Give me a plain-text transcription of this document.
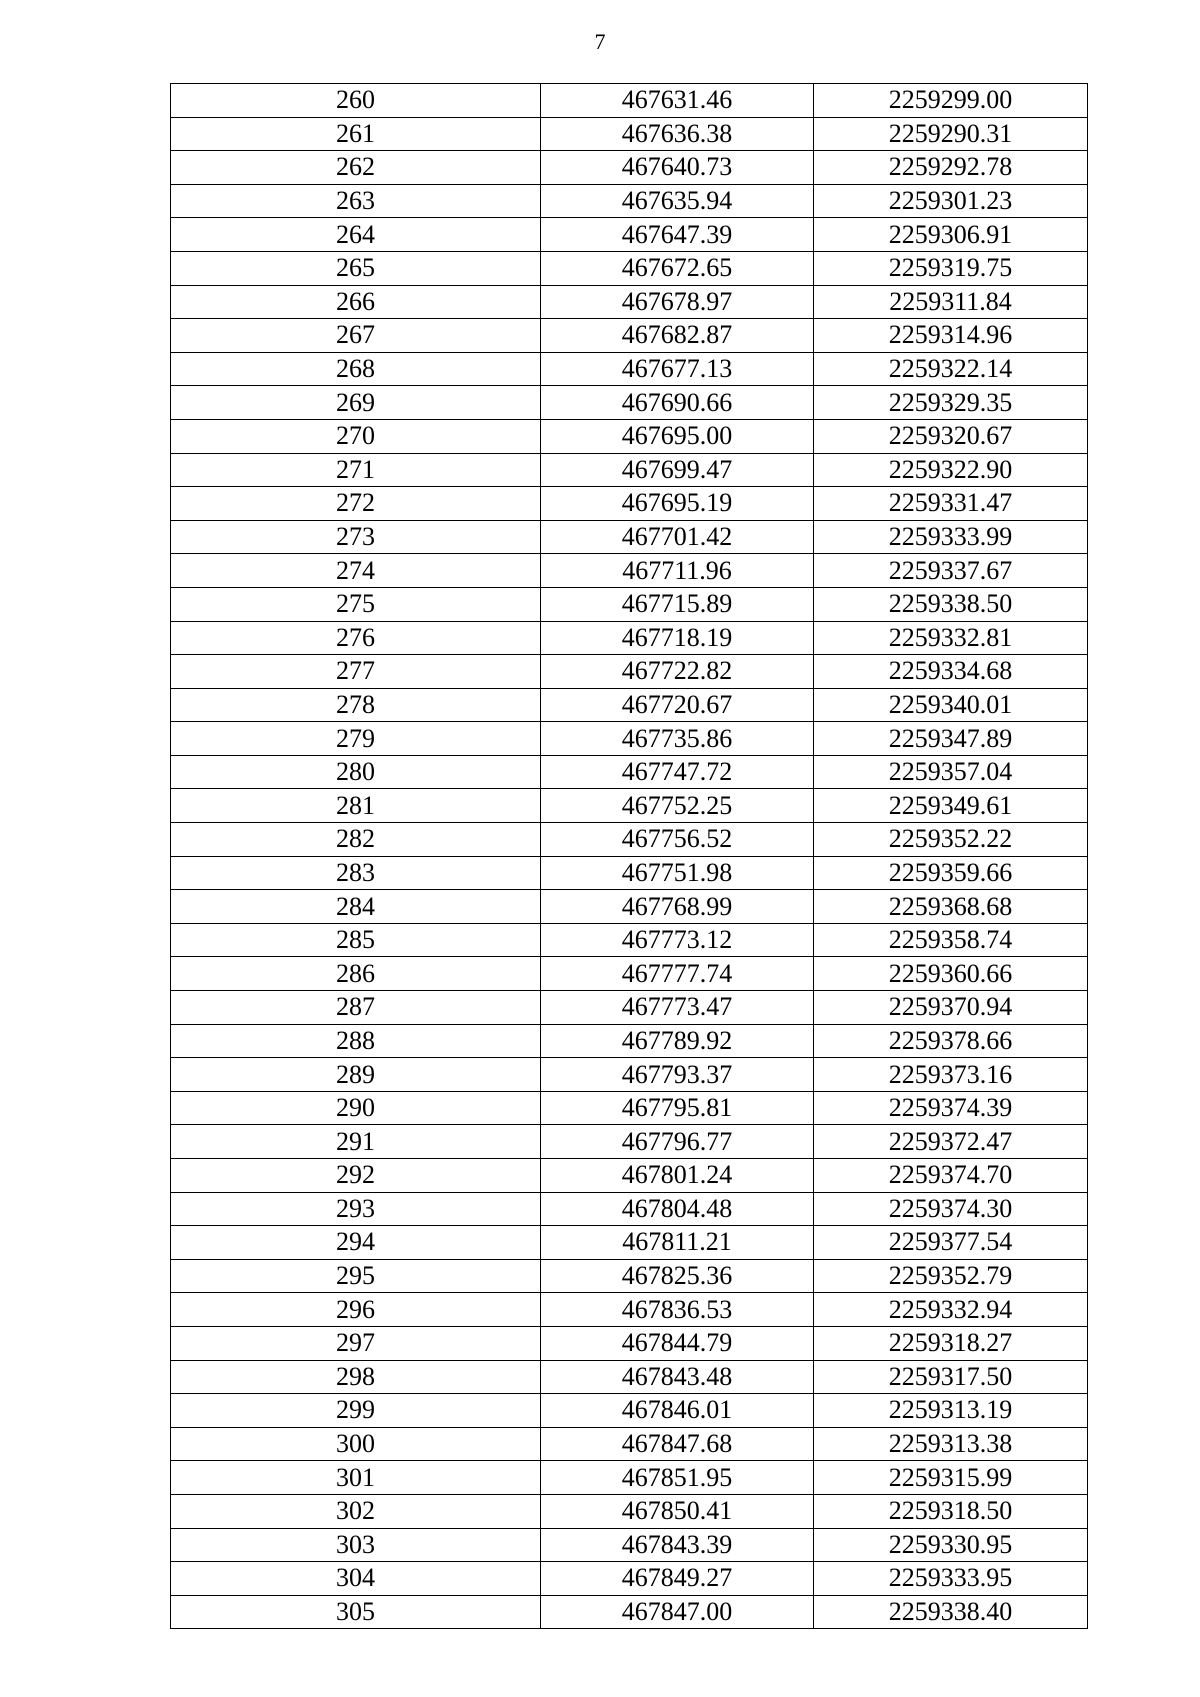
7
260	467631.46	2259299.00
261	467636.38	2259290.31
262	467640.73	2259292.78
263	467635.94	2259301.23
264	467647.39	2259306.91
265	467672.65	2259319.75
266	467678.97	2259311.84
267	467682.87	2259314.96
268	467677.13	2259322.14
269	467690.66	2259329.35
270	467695.00	2259320.67
271	467699.47	2259322.90
272	467695.19	2259331.47
273	467701.42	2259333.99
274	467711.96	2259337.67
275	467715.89	2259338.50
276	467718.19	2259332.81
277	467722.82	2259334.68
278	467720.67	2259340.01
279	467735.86	2259347.89
280	467747.72	2259357.04
281	467752.25	2259349.61
282	467756.52	2259352.22
283	467751.98	2259359.66
284	467768.99	2259368.68
285	467773.12	2259358.74
286	467777.74	2259360.66
287	467773.47	2259370.94
288	467789.92	2259378.66
289	467793.37	2259373.16
290	467795.81	2259374.39
291	467796.77	2259372.47
292	467801.24	2259374.70
293	467804.48	2259374.30
294	467811.21	2259377.54
295	467825.36	2259352.79
296	467836.53	2259332.94
297	467844.79	2259318.27
298	467843.48	2259317.50
299	467846.01	2259313.19
300	467847.68	2259313.38
301	467851.95	2259315.99
302	467850.41	2259318.50
303	467843.39	2259330.95
304	467849.27	2259333.95
305	467847.00	2259338.40
